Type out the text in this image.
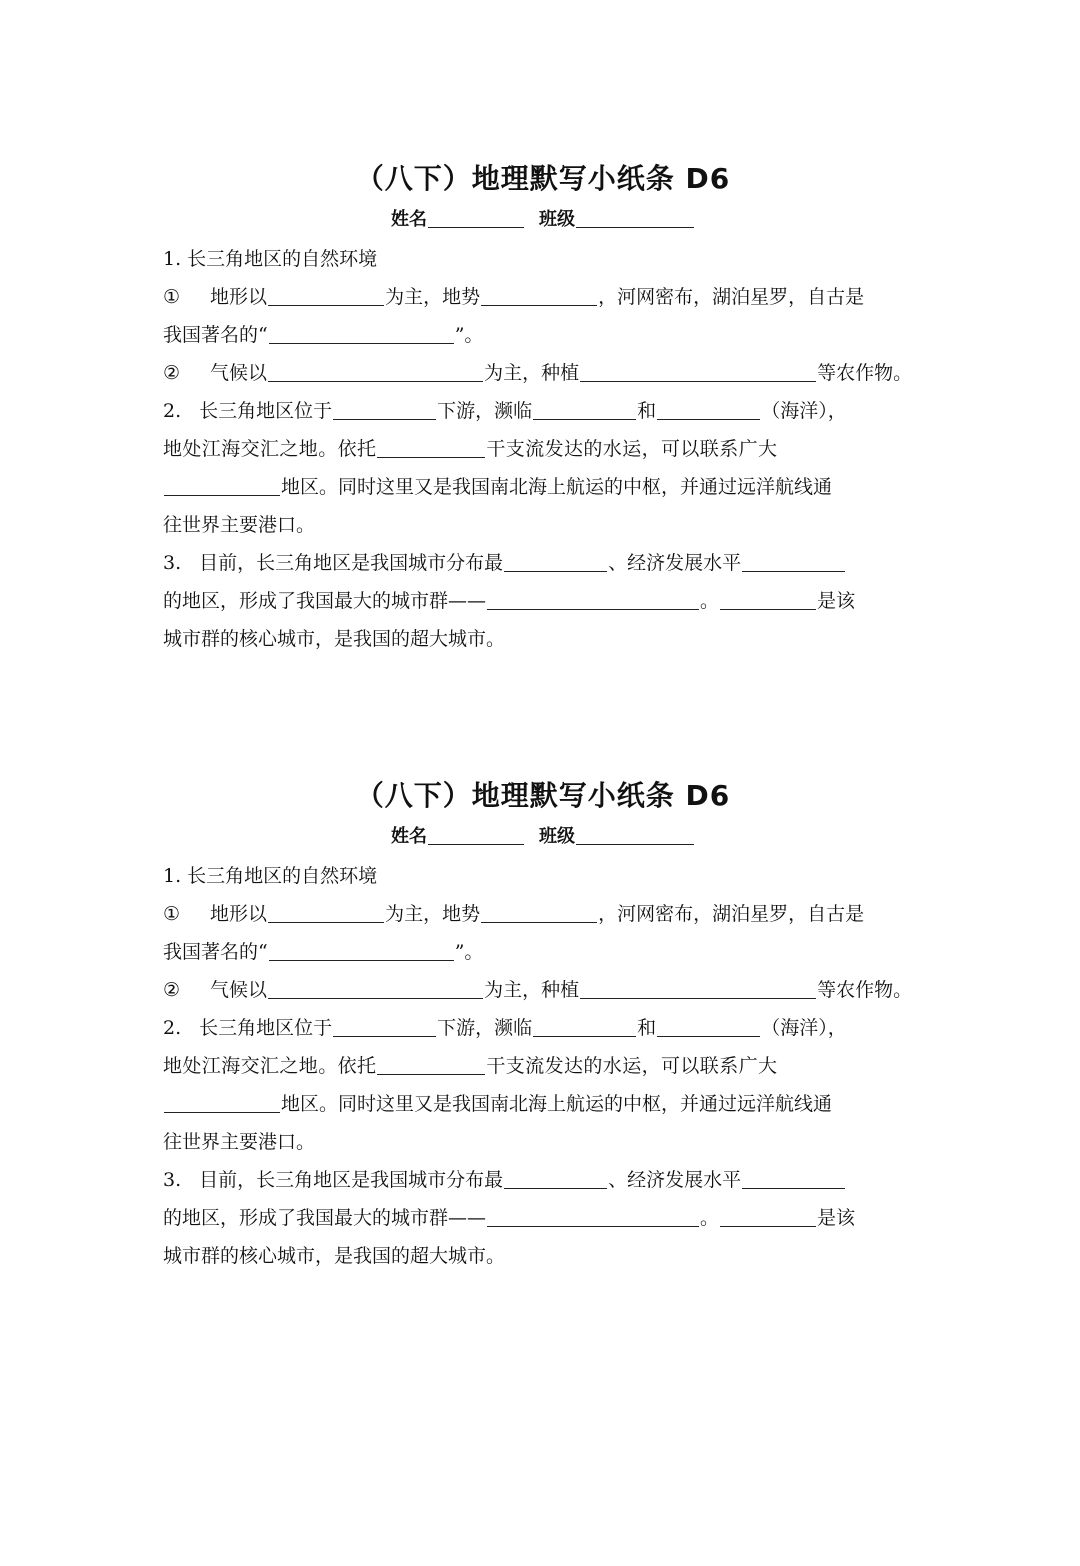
（八下）地理默写小纸条 D6
姓名	班级
1. 长三角地区的自然环境
① 地形以	为主，地势	，河网密布，湖泊星罗，自古是
我国著名的“	”。
② 气候以	为主，种植	等农作物。
2. 长三角地区位于	下游，濒临	和	（海洋），
地处江海交汇之地。依托	干支流发达的水运，可以联系广大
地区。同时这里又是我国南北海上航运的中枢，并通过远洋航线通
往世界主要港口。
3. 目前，长三角地区是我国城市分布最	、经济发展水平
的地区，形成了我国最大的城市群——	。	是该
城市群的核心城市，是我国的超大城市。
（八下）地理默写小纸条 D6
姓名	班级
1. 长三角地区的自然环境
① 地形以	为主，地势	，河网密布，湖泊星罗，自古是
我国著名的“	”。
② 气候以	为主，种植	等农作物。
2. 长三角地区位于	下游，濒临	和	（海洋），
地处江海交汇之地。依托	干支流发达的水运，可以联系广大
地区。同时这里又是我国南北海上航运的中枢，并通过远洋航线通
往世界主要港口。
3. 目前，长三角地区是我国城市分布最	、经济发展水平
的地区，形成了我国最大的城市群——	。	是该
城市群的核心城市，是我国的超大城市。
